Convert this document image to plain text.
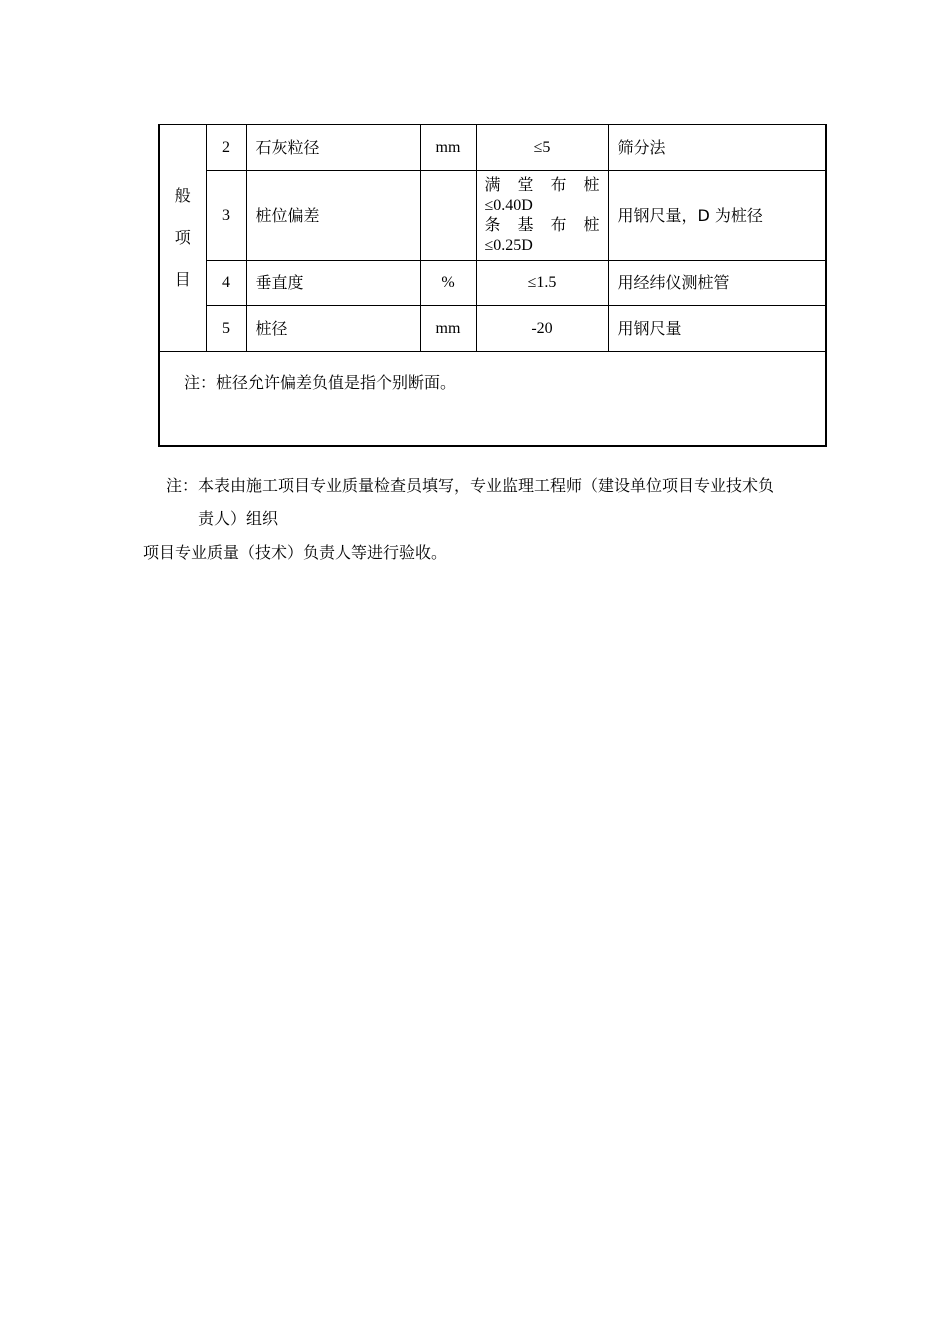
般
项
目	2	石灰粒径	mm	≤5	筛分法
	3	桩位偏差		满 堂 布 桩
≤0.40D
条 基 布 桩
≤0.25D	用钢尺量，D 为桩径
	4	垂直度	%	≤1.5	用经纬仪测桩管
	5	桩径	mm	-20	用钢尺量
注：桩径允许偏差负值是指个别断面。					
注：本表由施工项目专业质量检查员填写，专业监理工程师（建设单位项目专业技术负
责人）组织
项目专业质量（技术）负责人等进行验收。
